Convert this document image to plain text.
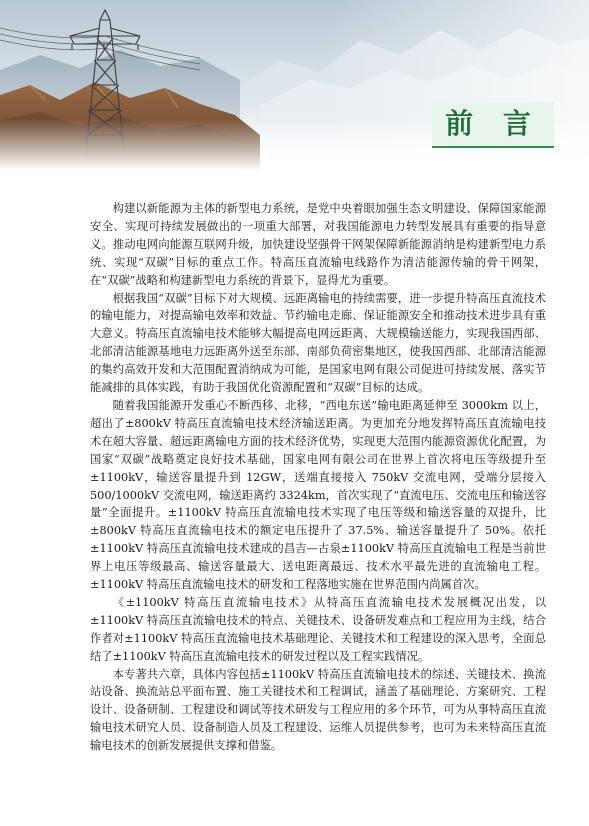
前 言

构建以新能源为主体的新型电力系统，是党中央着眼加强生态文明建设、保障国家能源安全、实现可持续发展做出的一项重大部署，对我国能源电力转型发展具有重要的指导意义。推动电网向能源互联网升级，加快建设坚强骨干网架保障新能源消纳是构建新型电力系统、实现“双碳”目标的重点工作。特高压直流输电线路作为清洁能源传输的骨干网架，在“双碳”战略和构建新型电力系统的背景下，显得尤为重要。

根据我国“双碳”目标下对大规模、远距离输电的持续需要，进一步提升特高压直流技术的输电能力，对提高输电效率和效益、节约输电走廊、保证能源安全和推动技术进步具有重大意义。特高压直流输电技术能够大幅提高电网远距离、大规模输送能力，实现我国西部、北部清洁能源基地电力远距离外送至东部、南部负荷密集地区，使我国西部、北部清洁能源的集约高效开发和大范围配置消纳成为可能，是国家电网有限公司促进可持续发展、落实节能减排的具体实践，有助于我国优化资源配置和“双碳”目标的达成。

随着我国能源开发重心不断西移、北移，“西电东送”输电距离延伸至 3000km 以上，超出了±800kV 特高压直流输电技术经济输送距离。为更加充分地发挥特高压直流输电技术在超大容量、超远距离输电方面的技术经济优势，实现更大范围内能源资源优化配置，为国家“双碳”战略奠定良好技术基础，国家电网有限公司在世界上首次将电压等级提升至±1100kV，输送容量提升到 12GW，送端直接接入 750kV 交流电网，受端分层接入500/1000kV 交流电网，输送距离约 3324km，首次实现了“直流电压、交流电压和输送容量”全面提升。±1100kV 特高压直流输电技术实现了电压等级和输送容量的双提升，比±800kV 特高压直流输电技术的额定电压提升了 37.5%、输送容量提升了 50%。依托±1100kV 特高压直流输电技术建成的昌吉—古泉±1100kV 特高压直流输电工程是当前世界上电压等级最高、输送容量最大、送电距离最远、技术水平最先进的直流输电工程。±1100kV 特高压直流输电技术的研发和工程落地实施在世界范围内尚属首次。

《±1100kV 特高压直流输电技术》从特高压直流输电技术发展概况出发，以±1100kV 特高压直流输电技术的特点、关键技术、设备研发难点和工程应用为主线，结合作者对±1100kV 特高压直流输电技术基础理论、关键技术和工程建设的深入思考，全面总结了±1100kV 特高压直流输电技术的研发过程以及工程实践情况。

本专著共六章，具体内容包括±1100kV 特高压直流输电技术的综述、关键技术、换流站设备、换流站总平面布置、施工关键技术和工程调试，涵盖了基础理论、方案研究、工程设计、设备研制、工程建设和调试等技术研发与工程应用的多个环节，可为从事特高压直流输电技术研究人员、设备制造人员及工程建设、运维人员提供参考，也可为未来特高压直流输电技术的创新发展提供支撑和借鉴。
